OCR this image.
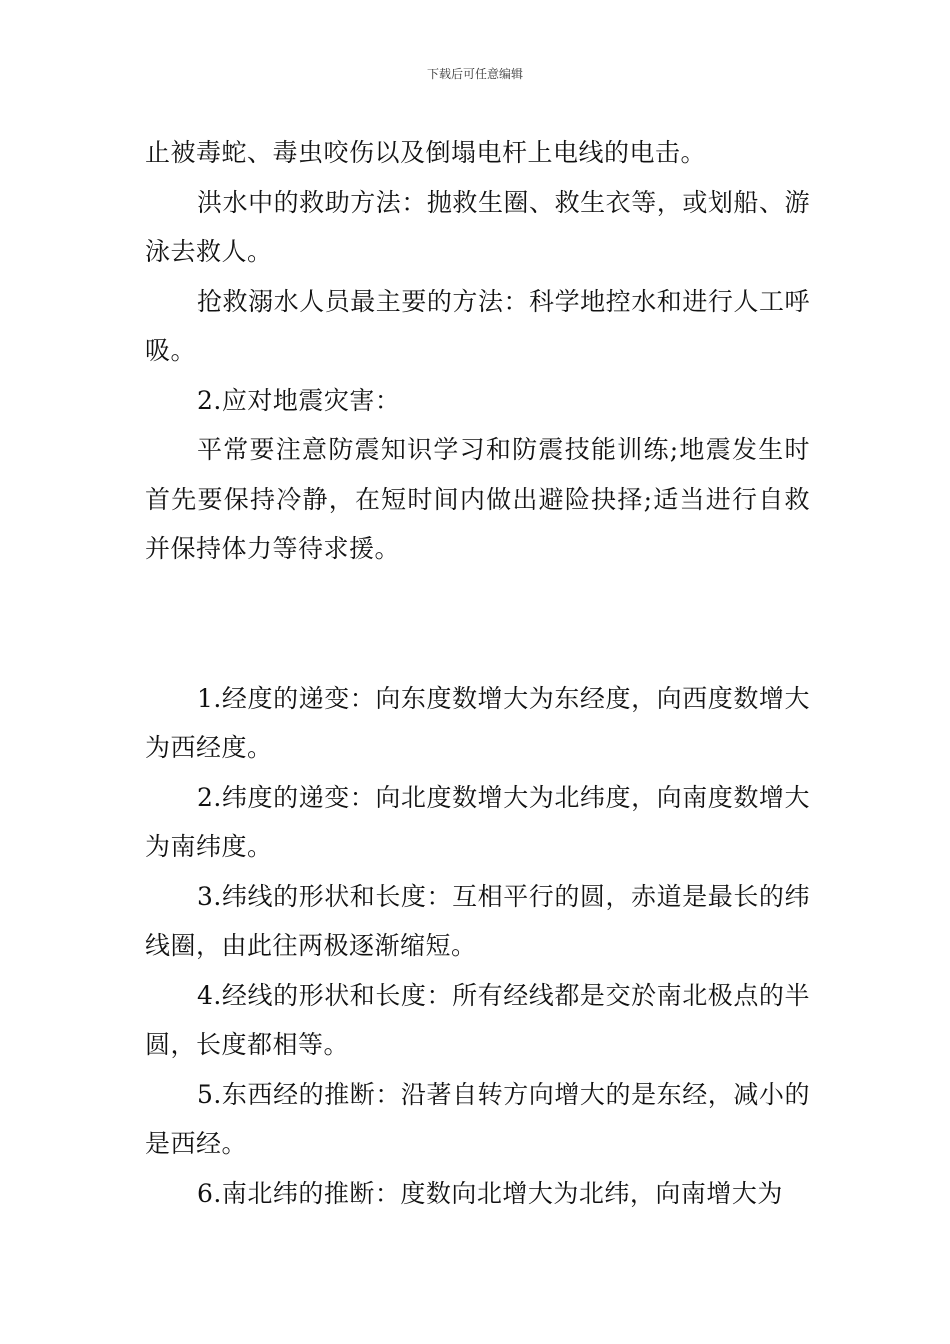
下载后可任意编辑

止被毒蛇、毒虫咬伤以及倒塌电杆上电线的电击。

洪水中的救助方法：抛救生圈、救生衣等，或划船、游泳去救人。

抢救溺水人员最主要的方法：科学地控水和进行人工呼吸。

2.应对地震灾害：

平常要注意防震知识学习和防震技能训练;地震发生时首先要保持冷静，在短时间内做出避险抉择;适当进行自救并保持体力等待求援。

1.经度的递变：向东度数增大为东经度，向西度数增大为西经度。

2.纬度的递变：向北度数增大为北纬度，向南度数增大为南纬度。

3.纬线的形状和长度：互相平行的圆，赤道是最长的纬线圈，由此往两极逐渐缩短。

4.经线的形状和长度：所有经线都是交於南北极点的半圆，长度都相等。

5.东西经的推断：沿著自转方向增大的是东经，减小的是西经。

6.南北纬的推断：度数向北增大为北纬，向南增大为
